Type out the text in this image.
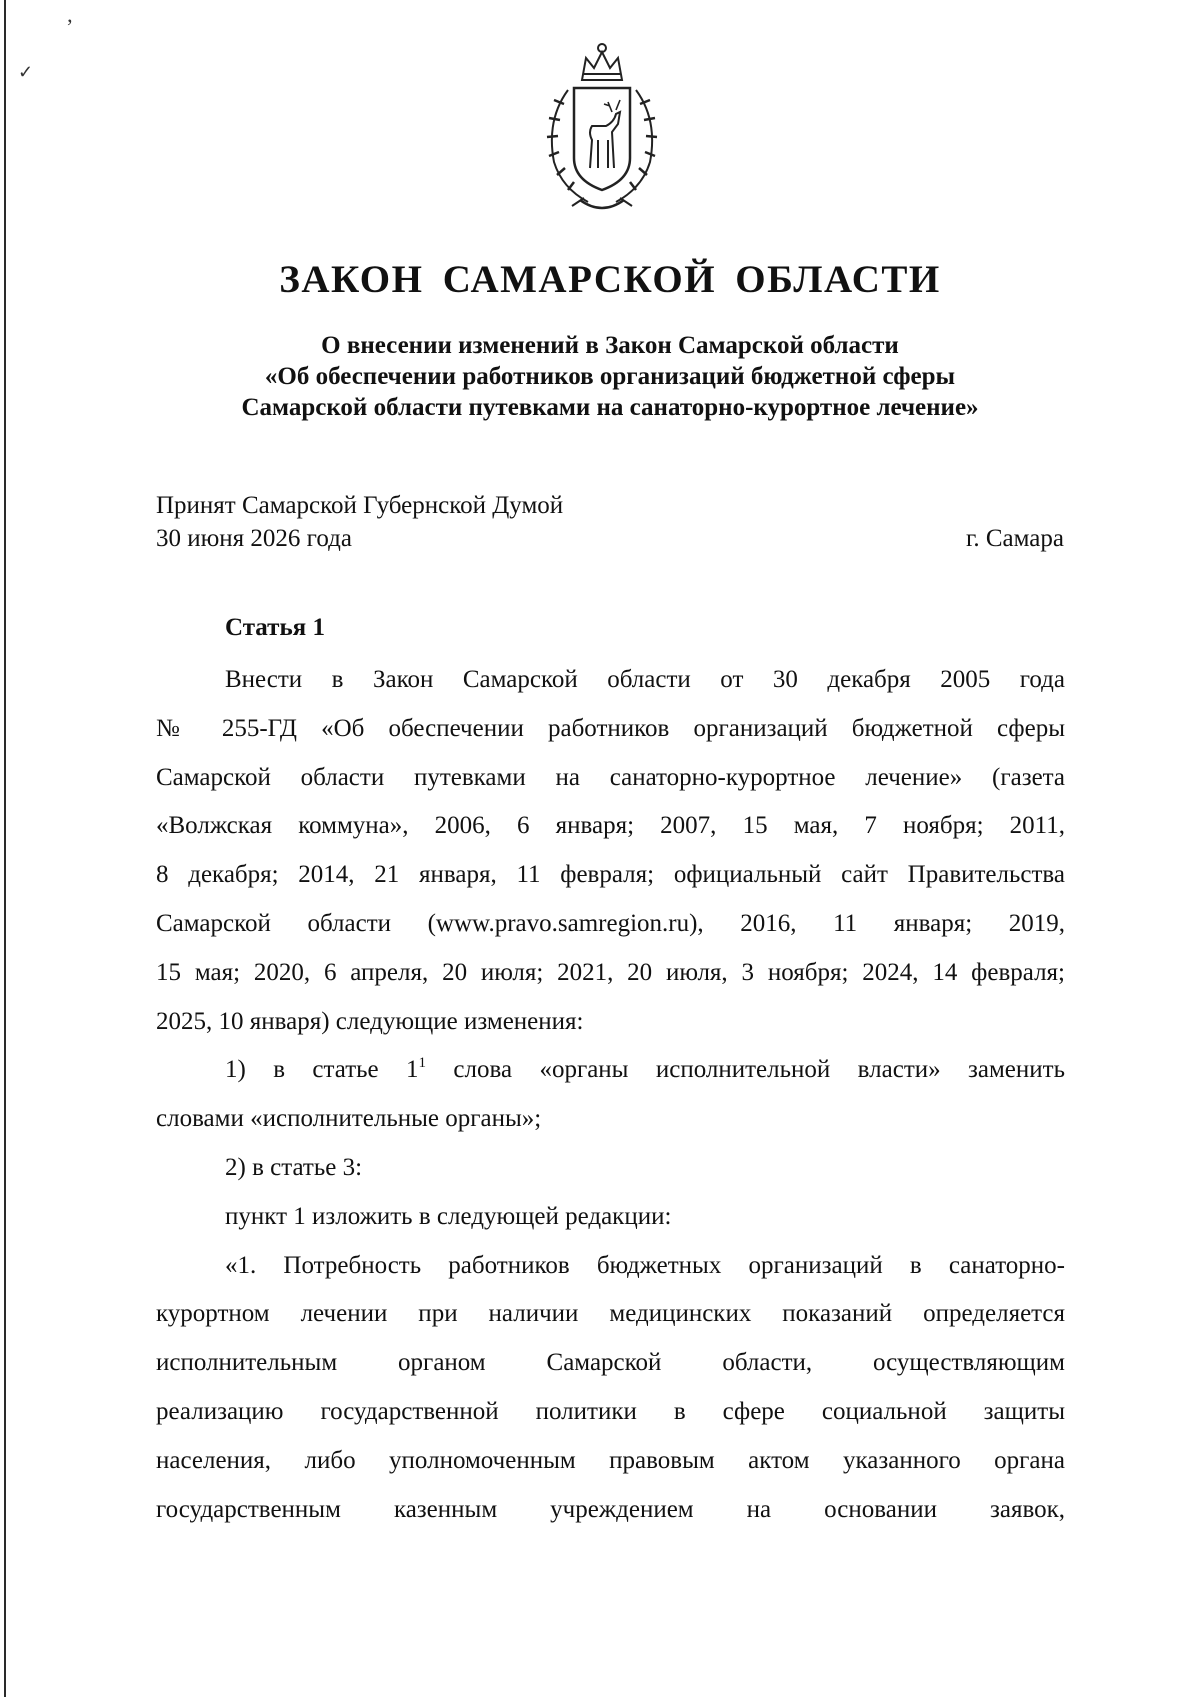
’
✓
ЗАКОН САМАРСКОЙ ОБЛАСТИ
О внесении изменений в Закон Самарской области
«Об обеспечении работников организаций бюджетной сферы
Самарской области путевками на санаторно-курортное лечение»
Принят Самарской Губернской Думой
30 июня 2026 года	г. Самара
Статья 1
Внести в Закон Самарской области от 30 декабря 2005 года
№ 255-ГД «Об обеспечении работников организаций бюджетной сферы
Самарской области путевками на санаторно-курортное лечение» (газета
«Волжская коммуна», 2006, 6 января; 2007, 15 мая, 7 ноября; 2011,
8 декабря; 2014, 21 января, 11 февраля; официальный сайт Правительства
Самарской области (www.pravo.samregion.ru), 2016, 11 января; 2019,
15 мая; 2020, 6 апреля, 20 июля; 2021, 20 июля, 3 ноября; 2024, 14 февраля;
2025, 10 января) следующие изменения:
1) в статье $1^1$ слова «органы исполнительной власти» заменить
словами «исполнительные органы»;
2) в статье 3:
пункт 1 изложить в следующей редакции:
«1. Потребность работников бюджетных организаций в санаторно-
курортном лечении при наличии медицинских показаний определяется
исполнительным органом Самарской области, осуществляющим
реализацию государственной политики в сфере социальной защиты
населения, либо уполномоченным правовым актом указанного органа
государственным казенным учреждением на основании заявок,
